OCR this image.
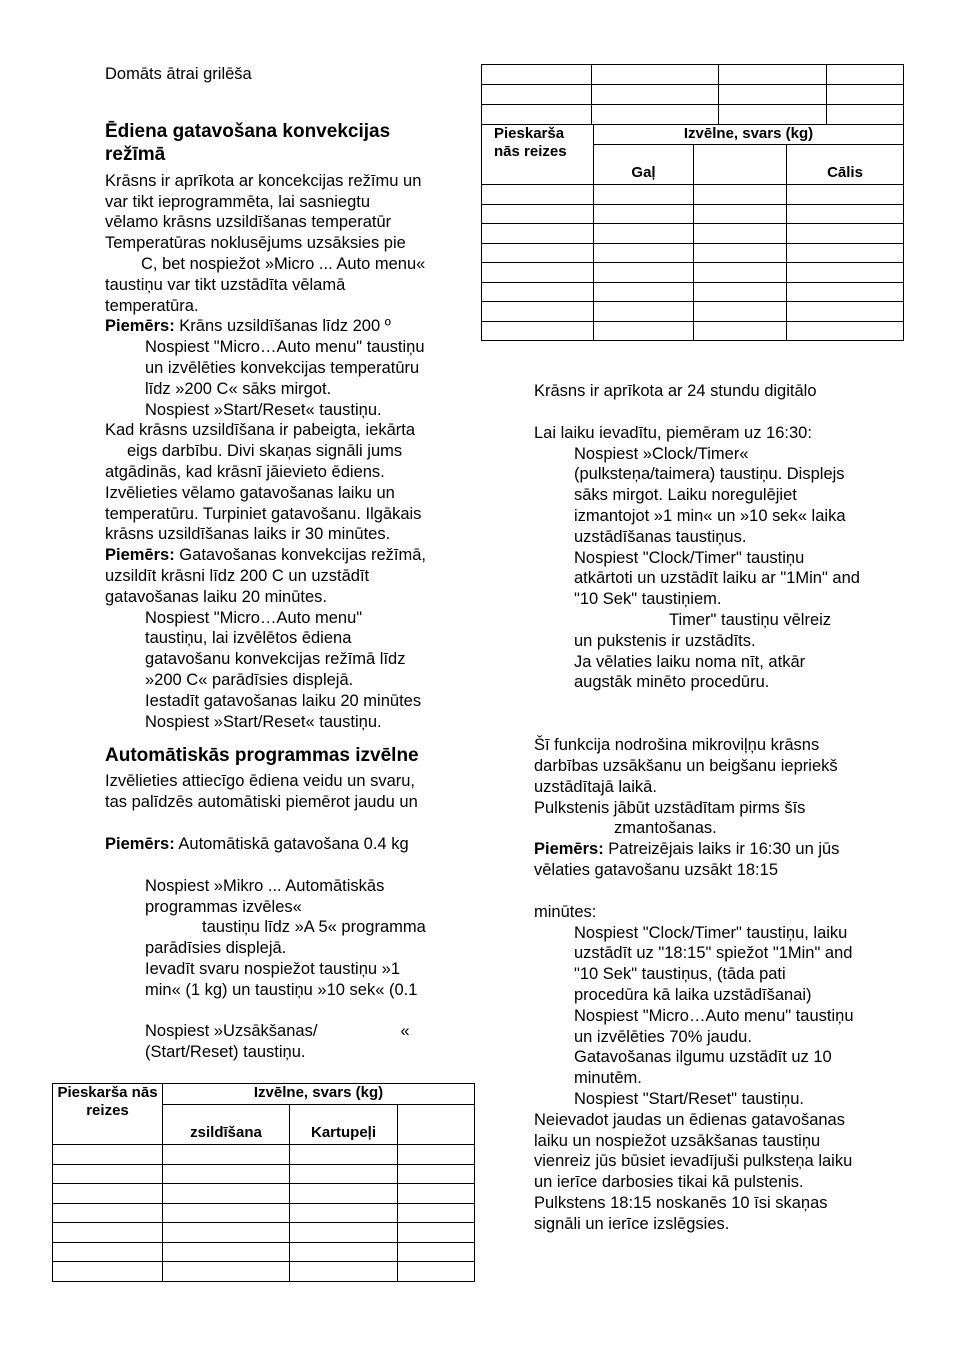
Domāts ātrai grilēša

Ēdiena gatavošana konvekcijas

režīmā

Krāsns ir aprīkota ar koncekcijas režīmu un

var tikt ieprogrammēta, lai sasniegtu

vēlamo krāsns uzsildīšanas temperatūr

Temperatūras noklusējums uzsāksies pie

C, bet nospiežot »Micro ... Auto menu«

taustiņu var tikt uzstādīta vēlamā

temperatūra.

Piemērs: Krāns uzsildīšanas līdz 200 º

Nospiest "Micro…Auto menu" taustiņu

un izvēlēties konvekcijas temperatūru

līdz »200 C« sāks mirgot.

Nospiest »Start/Reset« taustiņu.

Kad krāsns uzsildīšana ir pabeigta, iekārta

eigs darbību. Divi skaņas signāli jums

atgādinās, kad krāsnī jāievieto ēdiens.

Izvēlieties vēlamo gatavošanas laiku un

temperatūru. Turpiniet gatavošanu. Ilgākais

krāsns uzsildīšanas laiks ir 30 minūtes.

Piemērs: Gatavošanas konvekcijas režīmā,

uzsildīt krāsni līdz 200 C un uzstādīt

gatavošanas laiku 20 minūtes.

Nospiest "Micro…Auto menu"

taustiņu, lai izvēlētos ēdiena

gatavošanu konvekcijas režīmā līdz

»200 C« parādīsies displejā.

Iestadīt gatavošanas laiku 20 minūtes

Nospiest »Start/Reset« taustiņu.

Automātiskās programmas izvēlne

Izvēlieties attiecīgo ēdiena veidu un svaru,

tas palīdzēs automātiski piemērot jaudu un

Piemērs: Automātiskā gatavošana 0.4 kg

Nospiest »Mikro ... Automātiskās

programmas izvēles«

taustiņu līdz »A 5« programma

parādīsies displejā.

Ievadīt svaru nospiežot taustiņu »1

min« (1 kg) un taustiņu »10 sek« (0.1

Nospiest »Uzsākšanas/	«

(Start/Reset) taustiņu.

Pieskarša nās reizes	Izvēlne, svars (kg)		
	zsildīšana	Kartupeļi	

Pieskarša nās reizes	Izvēlne, svars (kg)		
	Gaļ		Cālis

Krāsns ir aprīkota ar 24 stundu digitālo

Lai laiku ievadītu, piemēram uz 16:30:

Nospiest »Clock/Timer«

(pulksteņa/taimera) taustiņu. Displejs

sāks mirgot. Laiku noregulējiet

izmantojot »1 min« un »10 sek« laika

uzstādīšanas taustiņus.

Nospiest "Clock/Timer" taustiņu

atkārtoti un uzstādīt laiku ar "1Min" and

"10 Sek" taustiņiem.

Timer" taustiņu vēlreiz

un pukstenis ir uzstādīts.

Ja vēlaties laiku noma nīt, atkār

augstāk minēto procedūru.

Šī funkcija nodrošina mikroviļņu krāsns

darbības uzsākšanu un beigšanu iepriekš

uzstādītajā laikā.

Pulkstenis jābūt uzstādītam pirms šīs

zmantošanas.

Piemērs: Patreizējais laiks ir 16:30 un jūs

vēlaties gatavošanu uzsākt 18:15

minūtes:

Nospiest "Clock/Timer" taustiņu, laiku

uzstādīt uz "18:15" spiežot "1Min" and

"10 Sek" taustiņus, (tāda pati

procedūra kā laika uzstādīšanai)

Nospiest "Micro…Auto menu" taustiņu

un izvēlēties 70% jaudu.

Gatavošanas ilgumu uzstādīt uz 10

minutēm.

Nospiest "Start/Reset" taustiņu.

Neievadot jaudas un ēdienas gatavošanas

laiku un nospiežot uzsākšanas taustiņu

vienreiz jūs būsiet ievadījuši pulksteņa laiku

un ierīce darbosies tikai kā pulstenis.

Pulkstens 18:15 noskanēs 10 īsi skaņas

signāli un ierīce izslēgsies.
